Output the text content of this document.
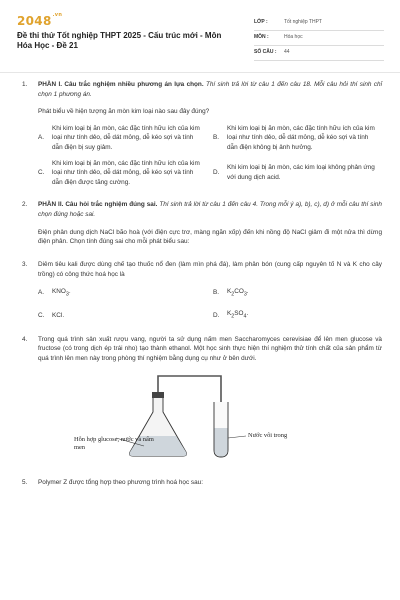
$2048^{.vn}$
Đề thi thử Tốt nghiệp THPT 2025 - Cấu trúc mới - Môn Hóa Học - Đề 21
LỚP :	Tốt nghiệp THPT
MÔN :	Hóa học
SỐ CÂU :	44
1. PHẦN I. Câu trắc nghiệm nhiều phương án lựa chọn. Thí sinh trả lời từ câu 1 đến câu 18. Mỗi câu hỏi thí sinh chỉ chọn 1 phương án.
Phát biểu về hiện tượng ăn mòn kim loại nào sau đây đúng?
A.
Khi kim loại bị ăn mòn, các đặc tính hữu ích của kim loại như tính dẻo, dễ dát mỏng, dễ kéo sợi và tính dẫn điện bị suy giảm.
B.
Khi kim loại bị ăn mòn, các đặc tính hữu ích của kim loại như tính dẻo, dễ dát mỏng, dễ kéo sợi và tính dẫn điện không bị ảnh hưởng.
C.
Khi kim loại bị ăn mòn, các đặc tính hữu ích của kim loại như tính dẻo, dễ dát mỏng, dễ kéo sợi và tính dẫn điện được tăng cường.
D.
Khi kim loại bị ăn mòn, các kim loại không phản ứng với dung dịch acid.
2. PHẦN II. Câu hỏi trắc nghiệm đúng sai. Thí sinh trả lời từ câu 1 đến câu 4. Trong mỗi ý a), b), c), d) ở mỗi câu thí sinh chọn đúng hoặc sai.
Điện phân dung dịch NaCl bão hoà (với điện cực trơ, màng ngăn xốp) đến khi nồng độ NaCl giảm đi một nửa thì dừng điện phân. Chọn tính đúng sai cho mỗi phát biểu sau:
3. Diêm tiêu kali được dùng chế tạo thuốc nổ đen (làm mìn phá đá), làm phân bón (cung cấp nguyên tố N và K cho cây trồng) có công thức hoá học là
A.	$KNO_3$.	B.	$K_2CO_3$.
C.	KCl.	D.	$K_2SO_4$.
4. Trong quá trình sản xuất rượu vang, người ta sử dụng nấm men Saccharomyces cerevisiae để lên men glucose và fructose (có trong dịch ép trái nho) tạo thành ethanol. Một học sinh thực hiện thí nghiệm thử tính chất của sản phẩm từ quá trình lên men này trong phòng thí nghiệm bằng dụng cụ như ở bên dưới.
Hỗn hợp glucose, nước và nấm men
Nước vôi trong
5. Polymer Z được tổng hợp theo phương trình hoá học sau:
